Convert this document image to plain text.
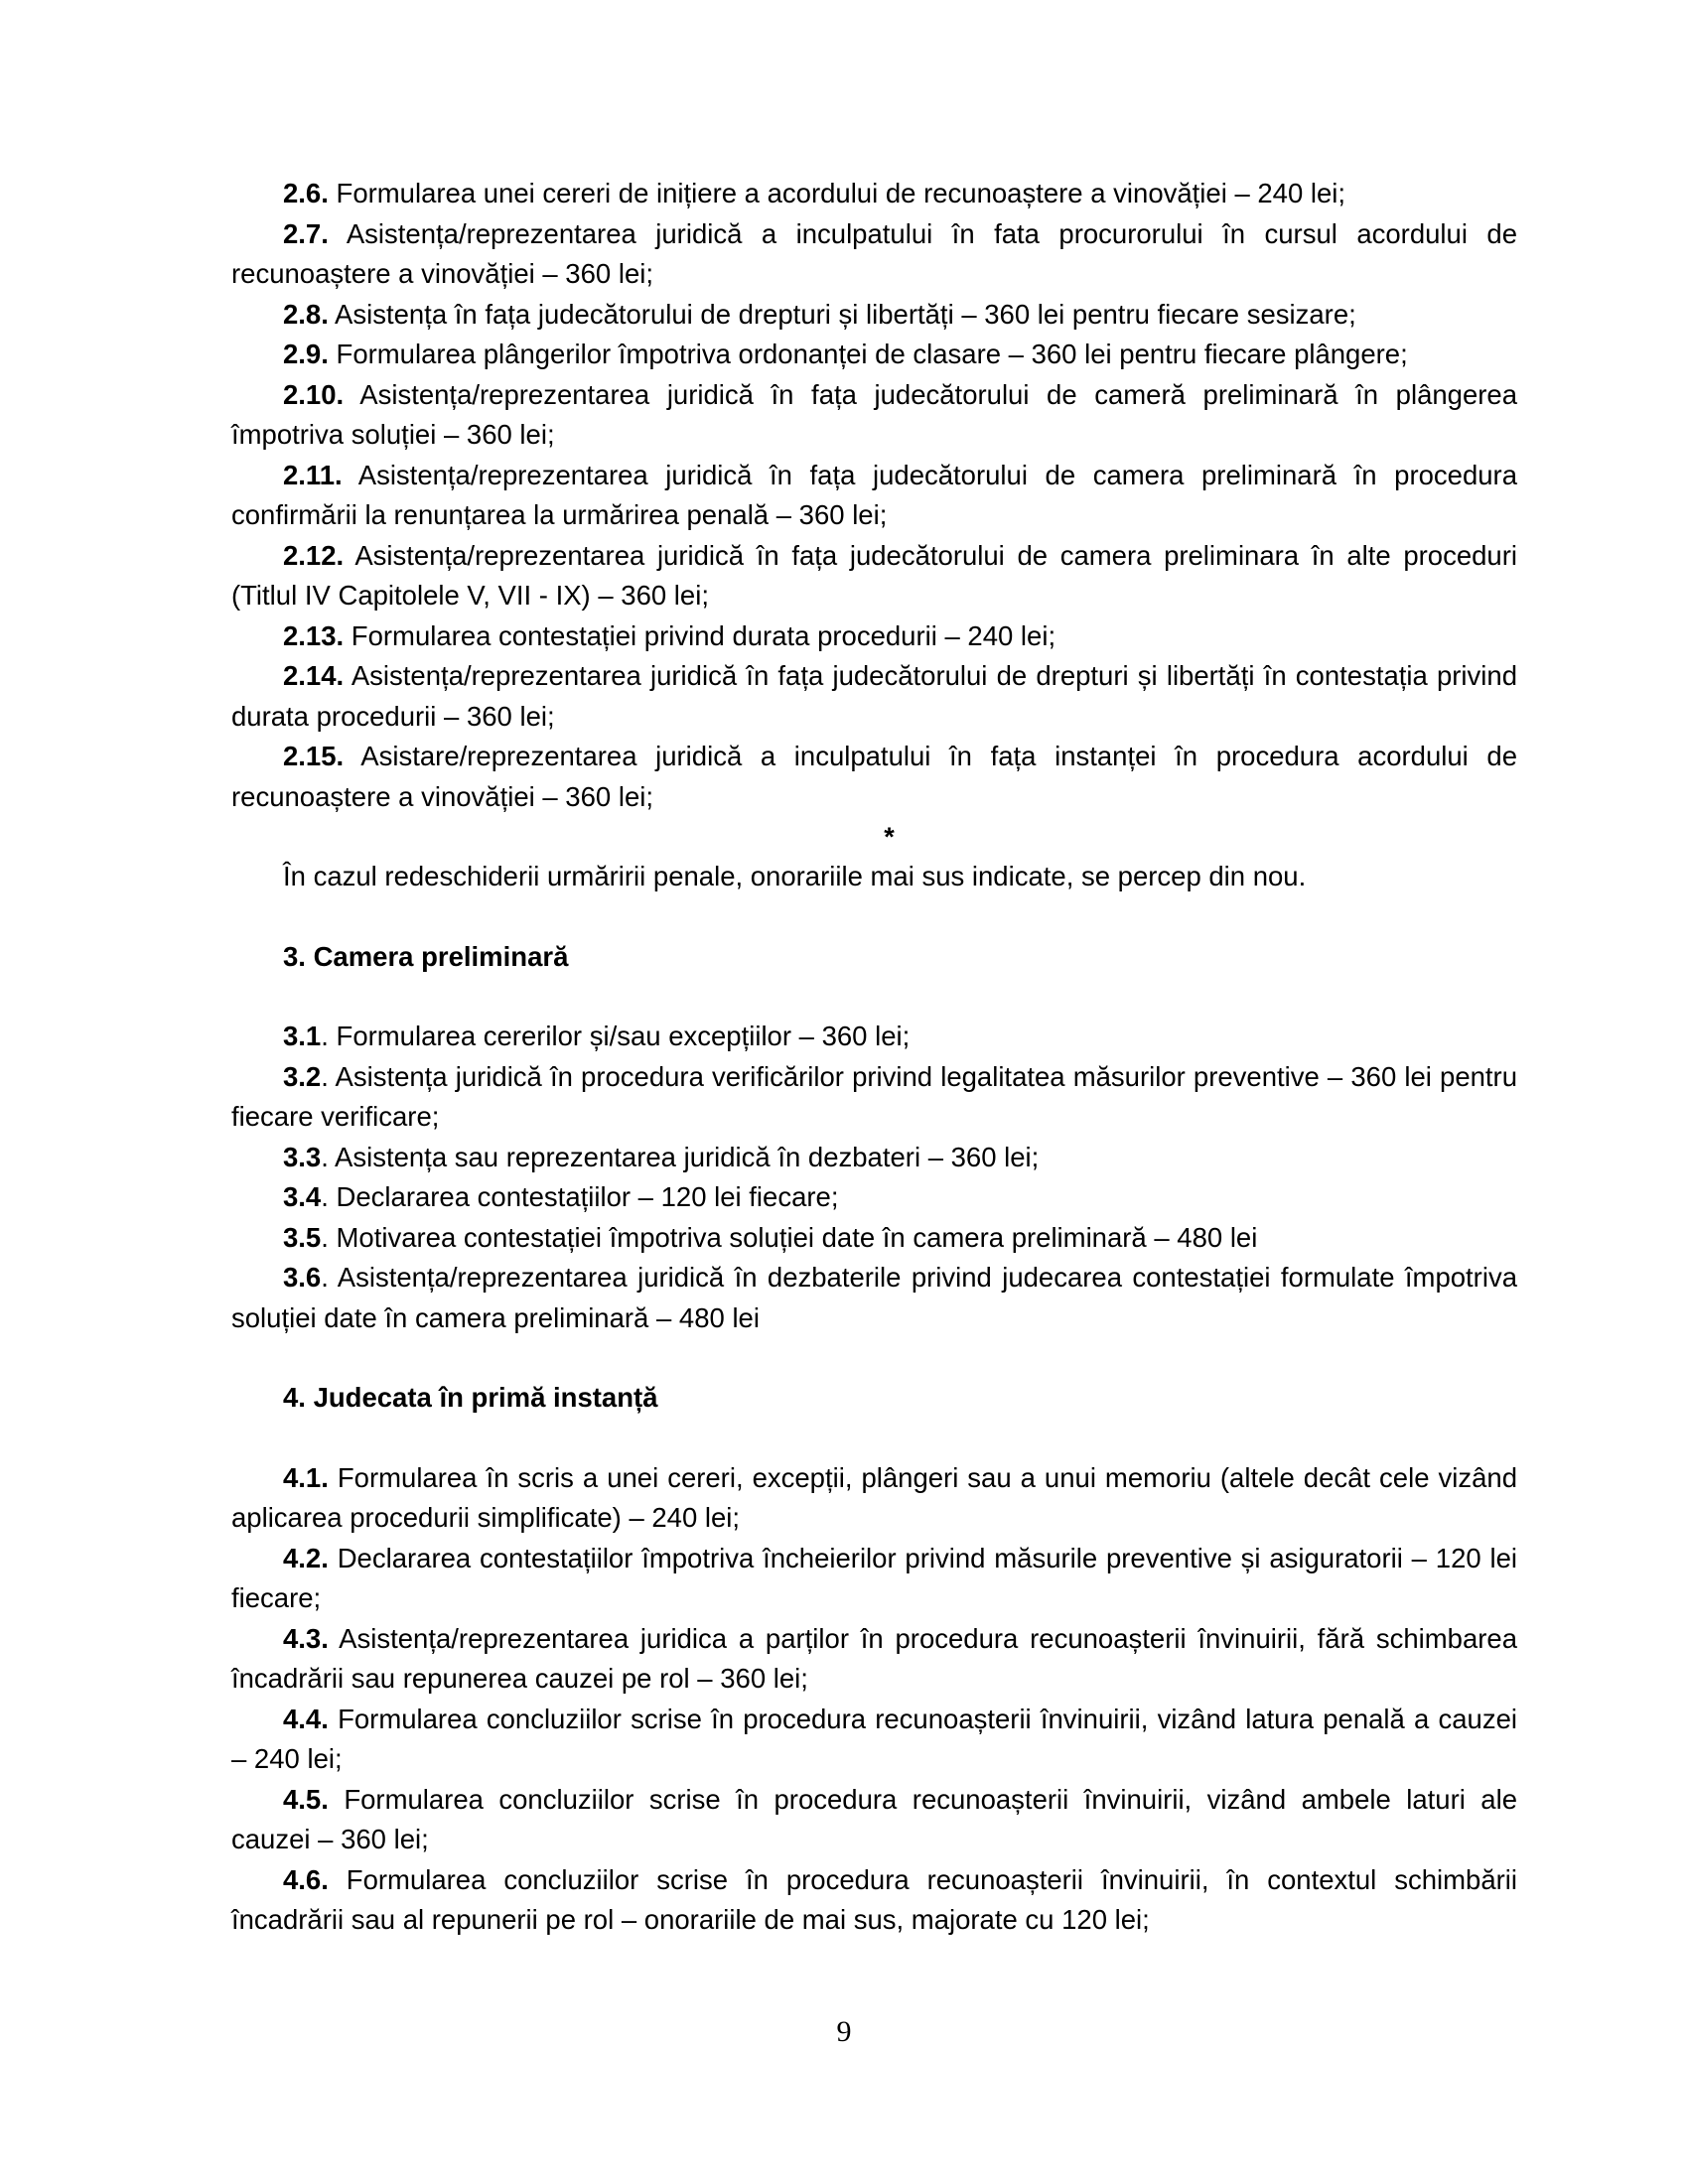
2.6. Formularea unei cereri de inițiere a acordului de recunoaștere a vinovăției – 240 lei;

2.7. Asistența/reprezentarea juridică a inculpatului în fata procurorului în cursul acordului de recunoaștere a vinovăției – 360 lei;

2.8. Asistența în fața judecătorului de drepturi și libertăți – 360 lei pentru fiecare sesizare;

2.9. Formularea plângerilor împotriva ordonanței de clasare – 360 lei pentru fiecare plângere;

2.10. Asistența/reprezentarea juridică în fața judecătorului de cameră preliminară în plângerea împotriva soluției – 360 lei;

2.11. Asistența/reprezentarea juridică în fața judecătorului de camera preliminară în procedura confirmării la renunțarea la urmărirea penală – 360 lei;

2.12. Asistența/reprezentarea juridică în fața judecătorului de camera preliminara în alte proceduri (Titlul IV Capitolele V, VII - IX) – 360 lei;

2.13. Formularea contestației privind durata procedurii – 240 lei;

2.14. Asistența/reprezentarea juridică în fața judecătorului de drepturi și libertăți în contestația privind durata procedurii – 360 lei;

2.15. Asistare/reprezentarea juridică a inculpatului în fața instanței în procedura acordului de recunoaștere a vinovăției – 360 lei;

*

În cazul redeschiderii urmăririi penale, onorariile mai sus indicate, se percep din nou.

3. Camera preliminară

3.1. Formularea cererilor și/sau excepțiilor – 360 lei;

3.2. Asistența juridică în procedura verificărilor privind legalitatea măsurilor preventive – 360 lei pentru fiecare verificare;

3.3. Asistența sau reprezentarea juridică în dezbateri – 360 lei;

3.4. Declararea contestațiilor – 120 lei fiecare;

3.5. Motivarea contestației împotriva soluției date în camera preliminară – 480 lei

3.6. Asistența/reprezentarea juridică în dezbaterile privind judecarea contestației formulate împotriva soluției date în camera preliminară – 480 lei

4. Judecata în primă instanță

4.1. Formularea în scris a unei cereri, excepții, plângeri sau a unui memoriu (altele decât cele vizând aplicarea procedurii simplificate) – 240 lei;

4.2. Declararea contestațiilor împotriva încheierilor privind măsurile preventive și asiguratorii – 120 lei fiecare;

4.3. Asistența/reprezentarea juridica a parților în procedura recunoașterii învinuirii, fără schimbarea încadrării sau repunerea cauzei pe rol – 360 lei;

4.4. Formularea concluziilor scrise în procedura recunoașterii învinuirii, vizând latura penală a cauzei – 240 lei;

4.5. Formularea concluziilor scrise în procedura recunoașterii învinuirii, vizând ambele laturi ale cauzei – 360 lei;

4.6. Formularea concluziilor scrise în procedura recunoașterii învinuirii, în contextul schimbării încadrării sau al repunerii pe rol – onorariile de mai sus, majorate cu 120 lei;

9
